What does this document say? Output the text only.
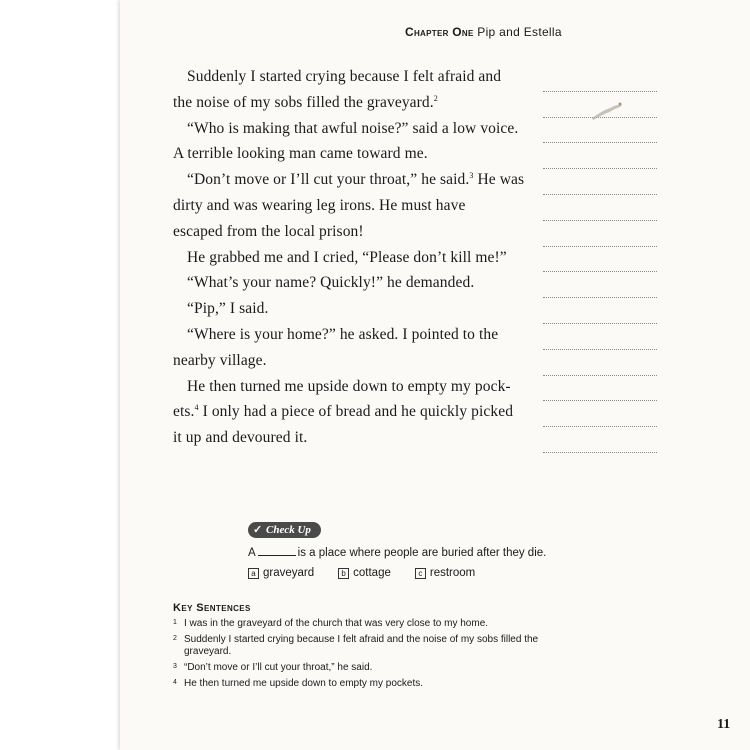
Chapter One Pip and Estella
Suddenly I started crying because I felt afraid and
the noise of my sobs filled the graveyard.$^2$
“Who is making that awful noise?” said a low voice.
A terrible looking man came toward me.
“Don’t move or I’ll cut your throat,” he said.$^3$ He was
dirty and was wearing leg irons. He must have
escaped from the local prison!
He grabbed me and I cried, “Please don’t kill me!”
“What’s your name? Quickly!” he demanded.
“Pip,” I said.
“Where is your home?” he asked. I pointed to the
nearby village.
He then turned me upside down to empty my pock-
ets.$^4$ I only had a piece of bread and he quickly picked
it up and devoured it.
✓ Check Up
A	is a place where people are buried after they die.
a graveyard	b cottage	c restroom
Key Sentences
1 I was in the graveyard of the church that was very close to my home.
2 Suddenly I started crying because I felt afraid and the noise of my sobs filled the graveyard.
3 “Don’t move or I’ll cut your throat,” he said.
4 He then turned me upside down to empty my pockets.
11
